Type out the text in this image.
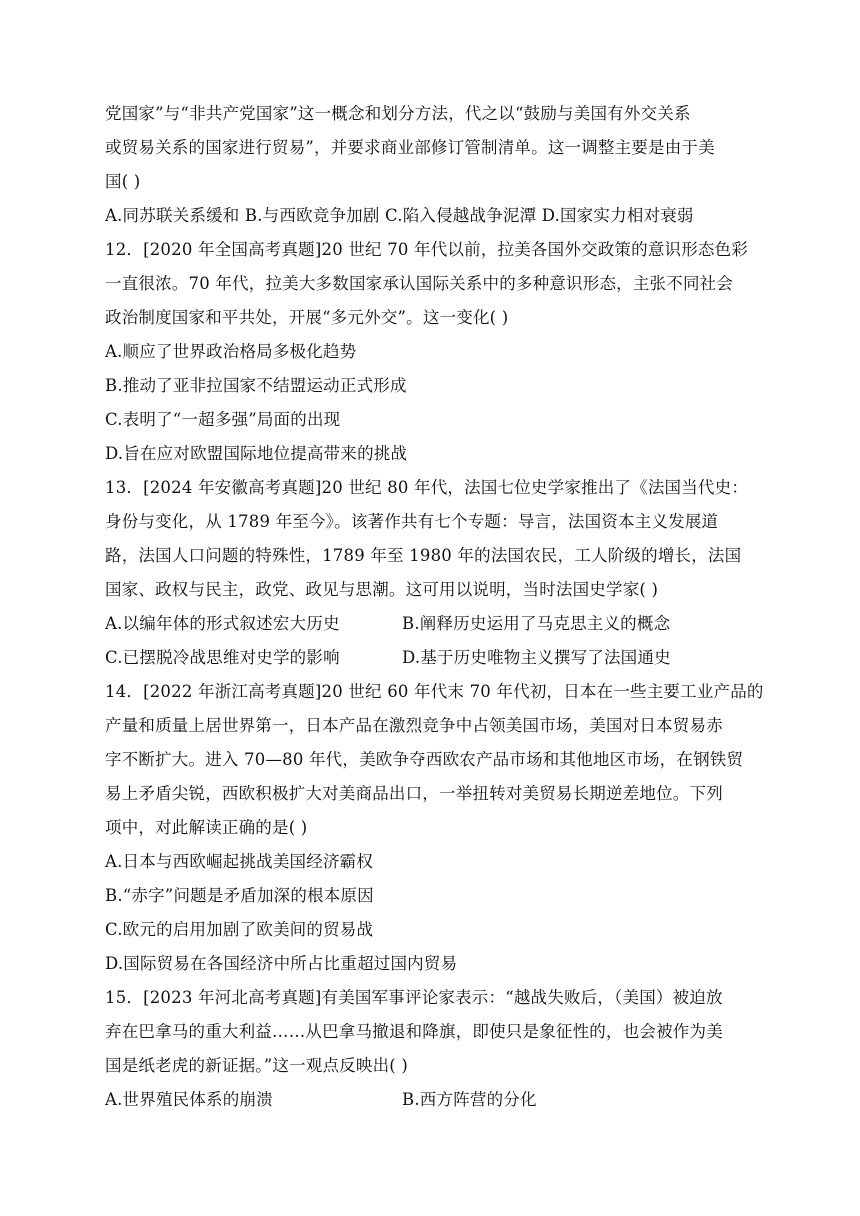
党国家”与“非共产党国家”这一概念和划分方法，代之以“鼓励与美国有外交关系
或贸易关系的国家进行贸易”，并要求商业部修订管制清单。这一调整主要是由于美
国( )
A.同苏联关系缓和 B.与西欧竞争加剧 C.陷入侵越战争泥潭 D.国家实力相对衰弱
12．[2020 年全国高考真题]20 世纪 70 年代以前，拉美各国外交政策的意识形态色彩
一直很浓。70 年代，拉美大多数国家承认国际关系中的多种意识形态，主张不同社会
政治制度国家和平共处，开展“多元外交”。这一变化( )
A.顺应了世界政治格局多极化趋势
B.推动了亚非拉国家不结盟运动正式形成
C.表明了“一超多强”局面的出现
D.旨在应对欧盟国际地位提高带来的挑战
13．[2024 年安徽高考真题]20 世纪 80 年代，法国七位史学家推出了《法国当代史：
身份与变化，从 1789 年至今》。该著作共有七个专题：导言，法国资本主义发展道
路，法国人口问题的特殊性，1789 年至 1980 年的法国农民，工人阶级的增长，法国
国家、政权与民主，政党、政见与思潮。这可用以说明，当时法国史学家( )
A.以编年体的形式叙述宏大历史	B.阐释历史运用了马克思主义的概念
C.已摆脱冷战思维对史学的影响	D.基于历史唯物主义撰写了法国通史
14．[2022 年浙江高考真题]20 世纪 60 年代末 70 年代初，日本在一些主要工业产品的
产量和质量上居世界第一，日本产品在激烈竞争中占领美国市场，美国对日本贸易赤
字不断扩大。进入 70—80 年代，美欧争夺西欧农产品市场和其他地区市场，在钢铁贸
易上矛盾尖锐，西欧积极扩大对美商品出口，一举扭转对美贸易长期逆差地位。下列
项中，对此解读正确的是( )
A.日本与西欧崛起挑战美国经济霸权
B.“赤字”问题是矛盾加深的根本原因
C.欧元的启用加剧了欧美间的贸易战
D.国际贸易在各国经济中所占比重超过国内贸易
15．[2023 年河北高考真题]有美国军事评论家表示：“越战失败后，（美国）被迫放
弃在巴拿马的重大利益……从巴拿马撤退和降旗，即使只是象征性的，也会被作为美
国是纸老虎的新证据。”这一观点反映出( )
A.世界殖民体系的崩溃	B.西方阵营的分化
